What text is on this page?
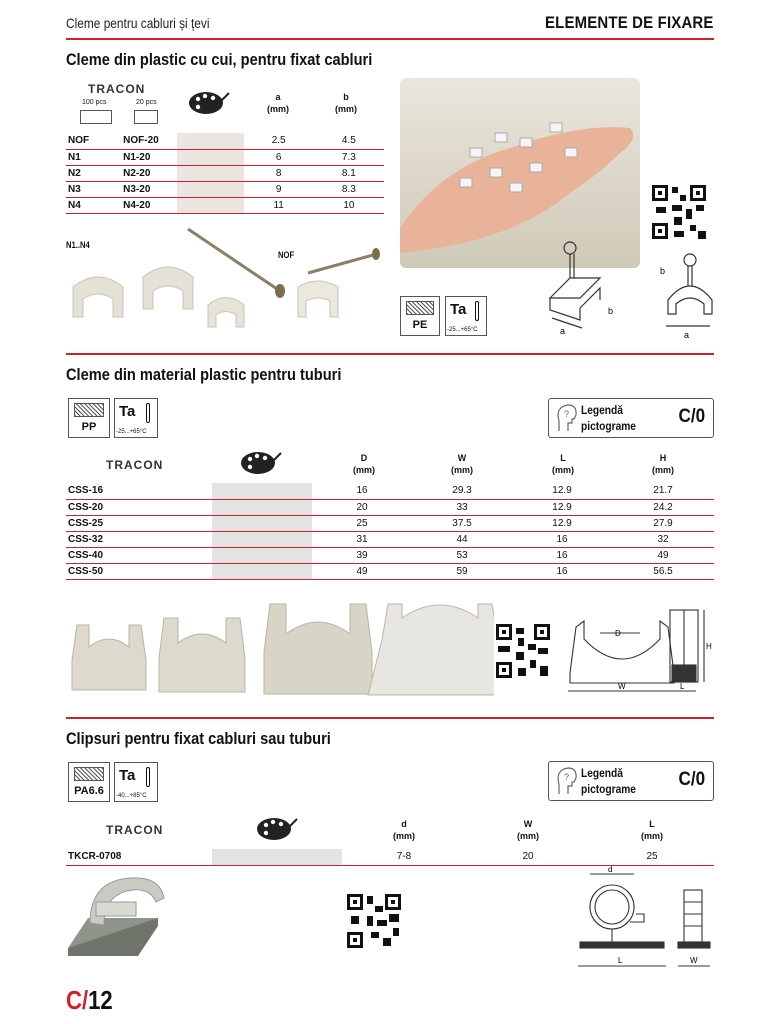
Cleme pentru cabluri și țevi	ELEMENTE DE FIXARE
Cleme din plastic cu cui, pentru fixat cabluri
TRACON
100 pcs	20 pcs
a
(mm)
b
(mm)
NOF	NOF-20		2.5	4.5
N1	N1-20		6	7.3
N2	N2-20		8	8.1
N3	N3-20		9	8.3
N4	N4-20		11	10
N1..N4
NOF
a
b
a
b
PE
Ta
-25...+65°C
Cleme din material plastic pentru tuburi
PP
Ta
-25...+65°C
? Legendă
pictograme C/0
TRACON	D
(mm)
W
(mm)
L
(mm)
H
(mm)
CSS-16		16	29.3	12.9	21.7
CSS-20		20	33	12.9	24.2
CSS-25		25	37.5	12.9	27.9
CSS-32		31	44	16	32
CSS-40		39	53	16	49
CSS-50		49	59	16	56.5
D
W	L
H
Clipsuri pentru fixat cabluri sau tuburi
PA6.6
Ta
-40...+85°C
? Legendă
pictograme C/0
TRACON	d
(mm)
W
(mm)
L
(mm)
TKCR-0708		7-8	20	25
d
L	W
C/12
